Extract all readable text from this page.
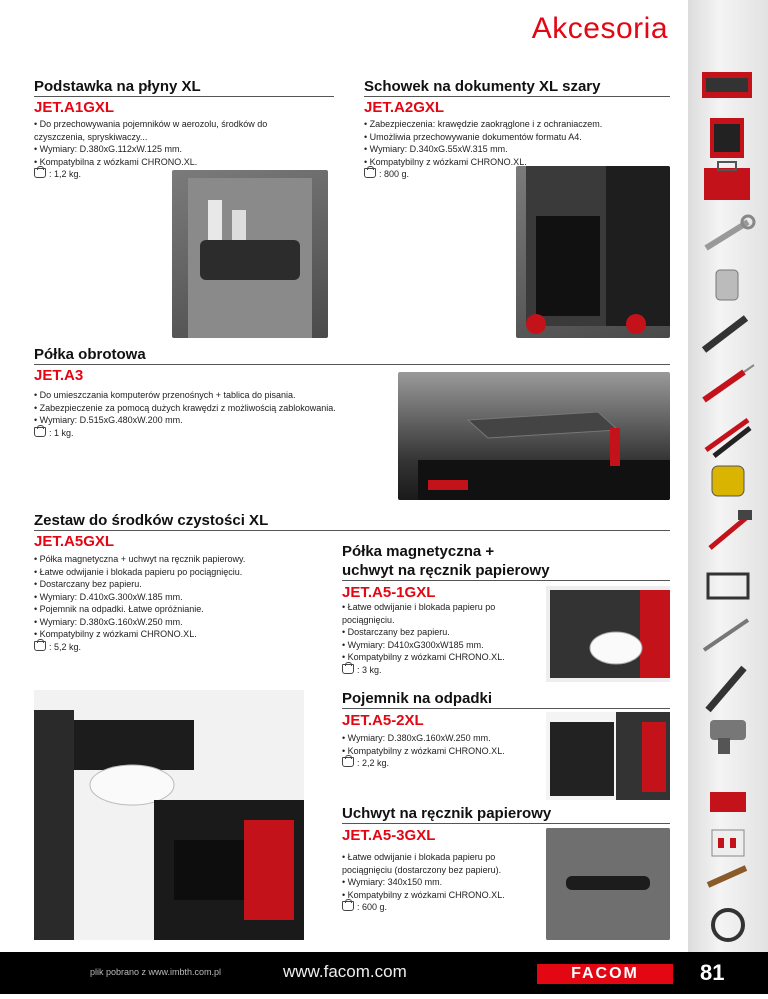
Akcesoria
Podstawka na płyny XL
JET.A1GXL
• Do przechowywania pojemników w aerozolu, środków do
czyszczenia, spryskiwaczy...
• Wymiary: D.380xG.112xW.125 mm.
• Kompatybilna z wózkami CHRONO.XL.
: 1,2 kg.
Schowek na dokumenty XL szary
JET.A2GXL
• Zabezpieczenia: krawędzie zaokrąglone i z ochraniaczem.
• Umożliwia przechowywanie dokumentów formatu A4.
• Wymiary: D.340xG.55xW.315 mm.
• Kompatybilny z wózkami CHRONO.XL.
: 800 g.
Półka obrotowa
JET.A3
• Do umieszczania komputerów przenośnych + tablica do pisania.
• Zabezpieczenie za pomocą dużych krawędzi z możliwością zablokowania.
• Wymiary: D.515xG.480xW.200 mm.
: 1 kg.
Zestaw do środków czystości XL
JET.A5GXL
• Półka magnetyczna + uchwyt na ręcznik papierowy.
• Łatwe odwijanie i blokada papieru po pociągnięciu.
• Dostarczany bez papieru.
• Wymiary: D.410xG.300xW.185 mm.
• Pojemnik na odpadki. Łatwe opróżnianie.
• Wymiary: D.380xG.160xW.250 mm.
• Kompatybilny z wózkami CHRONO.XL.
: 5,2 kg.
Półka magnetyczna +
uchwyt na ręcznik papierowy
JET.A5-1GXL
• Łatwe odwijanie i blokada papieru po
pociągnięciu.
• Dostarczany bez papieru.
• Wymiary: D410xG300xW185 mm.
• Kompatybilny z wózkami CHRONO.XL.
: 3 kg.
Pojemnik na odpadki
JET.A5-2XL
• Wymiary: D.380xG.160xW.250 mm.
• Kompatybilny z wózkami CHRONO.XL.
: 2,2 kg.
Uchwyt na ręcznik papierowy
JET.A5-3GXL
• Łatwe odwijanie i blokada papieru po
pociągnięciu (dostarczony bez papieru).
• Wymiary: 340x150 mm.
• Kompatybilny z wózkami CHRONO.XL.
: 600 g.
plik pobrano z www.imbth.com.pl	www.facom.com	FACOM	81
